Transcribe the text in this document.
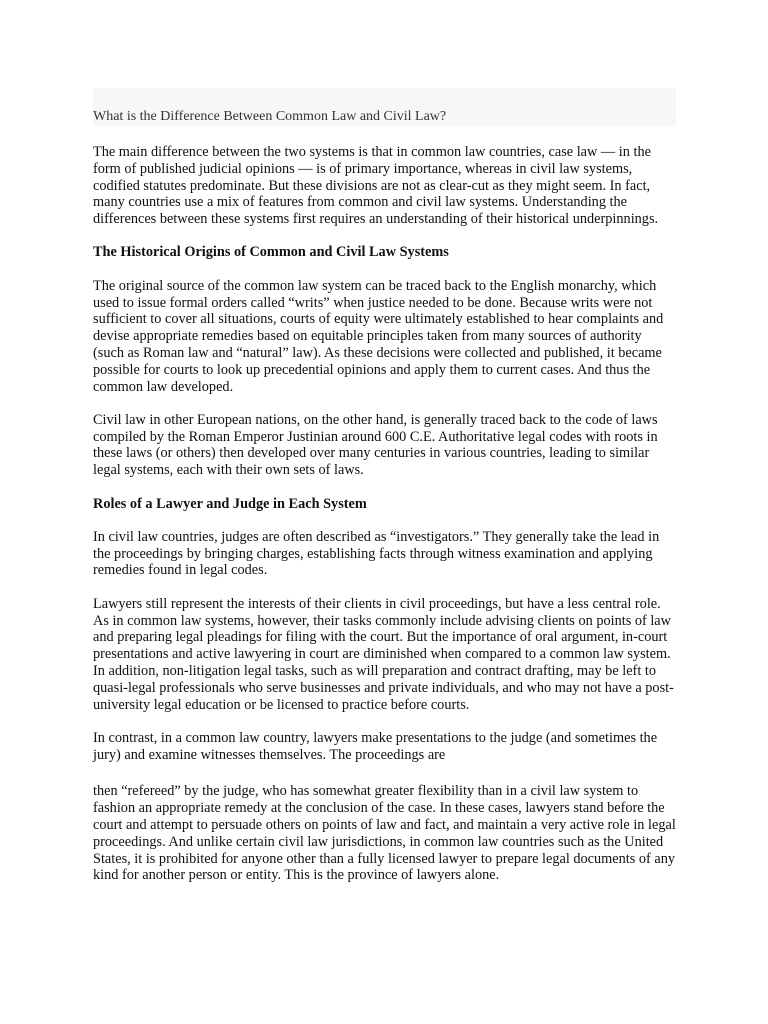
What is the Difference Between Common Law and Civil Law?

The main difference between the two systems is that in common law countries, case law — in the form of published judicial opinions — is of primary importance, whereas in civil law systems, codified statutes predominate. But these divisions are not as clear-cut as they might seem. In fact, many countries use a mix of features from common and civil law systems. Understanding the differences between these systems first requires an understanding of their historical underpinnings.

The Historical Origins of Common and Civil Law Systems

The original source of the common law system can be traced back to the English monarchy, which used to issue formal orders called “writs” when justice needed to be done. Because writs were not sufficient to cover all situations, courts of equity were ultimately established to hear complaints and devise appropriate remedies based on equitable principles taken from many sources of authority (such as Roman law and “natural” law). As these decisions were collected and published, it became possible for courts to look up precedential opinions and apply them to current cases. And thus the common law developed.

Civil law in other European nations, on the other hand, is generally traced back to the code of laws compiled by the Roman Emperor Justinian around 600 C.E. Authoritative legal codes with roots in these laws (or others) then developed over many centuries in various countries, leading to similar legal systems, each with their own sets of laws.

Roles of a Lawyer and Judge in Each System

In civil law countries, judges are often described as “investigators.” They generally take the lead in the proceedings by bringing charges, establishing facts through witness examination and applying remedies found in legal codes.

Lawyers still represent the interests of their clients in civil proceedings, but have a less central role. As in common law systems, however, their tasks commonly include advising clients on points of law and preparing legal pleadings for filing with the court. But the importance of oral argument, in-court presentations and active lawyering in court are diminished when compared to a common law system. In addition, non-litigation legal tasks, such as will preparation and contract drafting, may be left to quasi-legal professionals who serve businesses and private individuals, and who may not have a post-university legal education or be licensed to practice before courts.

In contrast, in a common law country, lawyers make presentations to the judge (and sometimes the jury) and examine witnesses themselves. The proceedings are

then “refereed” by the judge, who has somewhat greater flexibility than in a civil law system to fashion an appropriate remedy at the conclusion of the case. In these cases, lawyers stand before the court and attempt to persuade others on points of law and fact, and maintain a very active role in legal proceedings. And unlike certain civil law jurisdictions, in common law countries such as the United States, it is prohibited for anyone other than a fully licensed lawyer to prepare legal documents of any kind for another person or entity. This is the province of lawyers alone.
